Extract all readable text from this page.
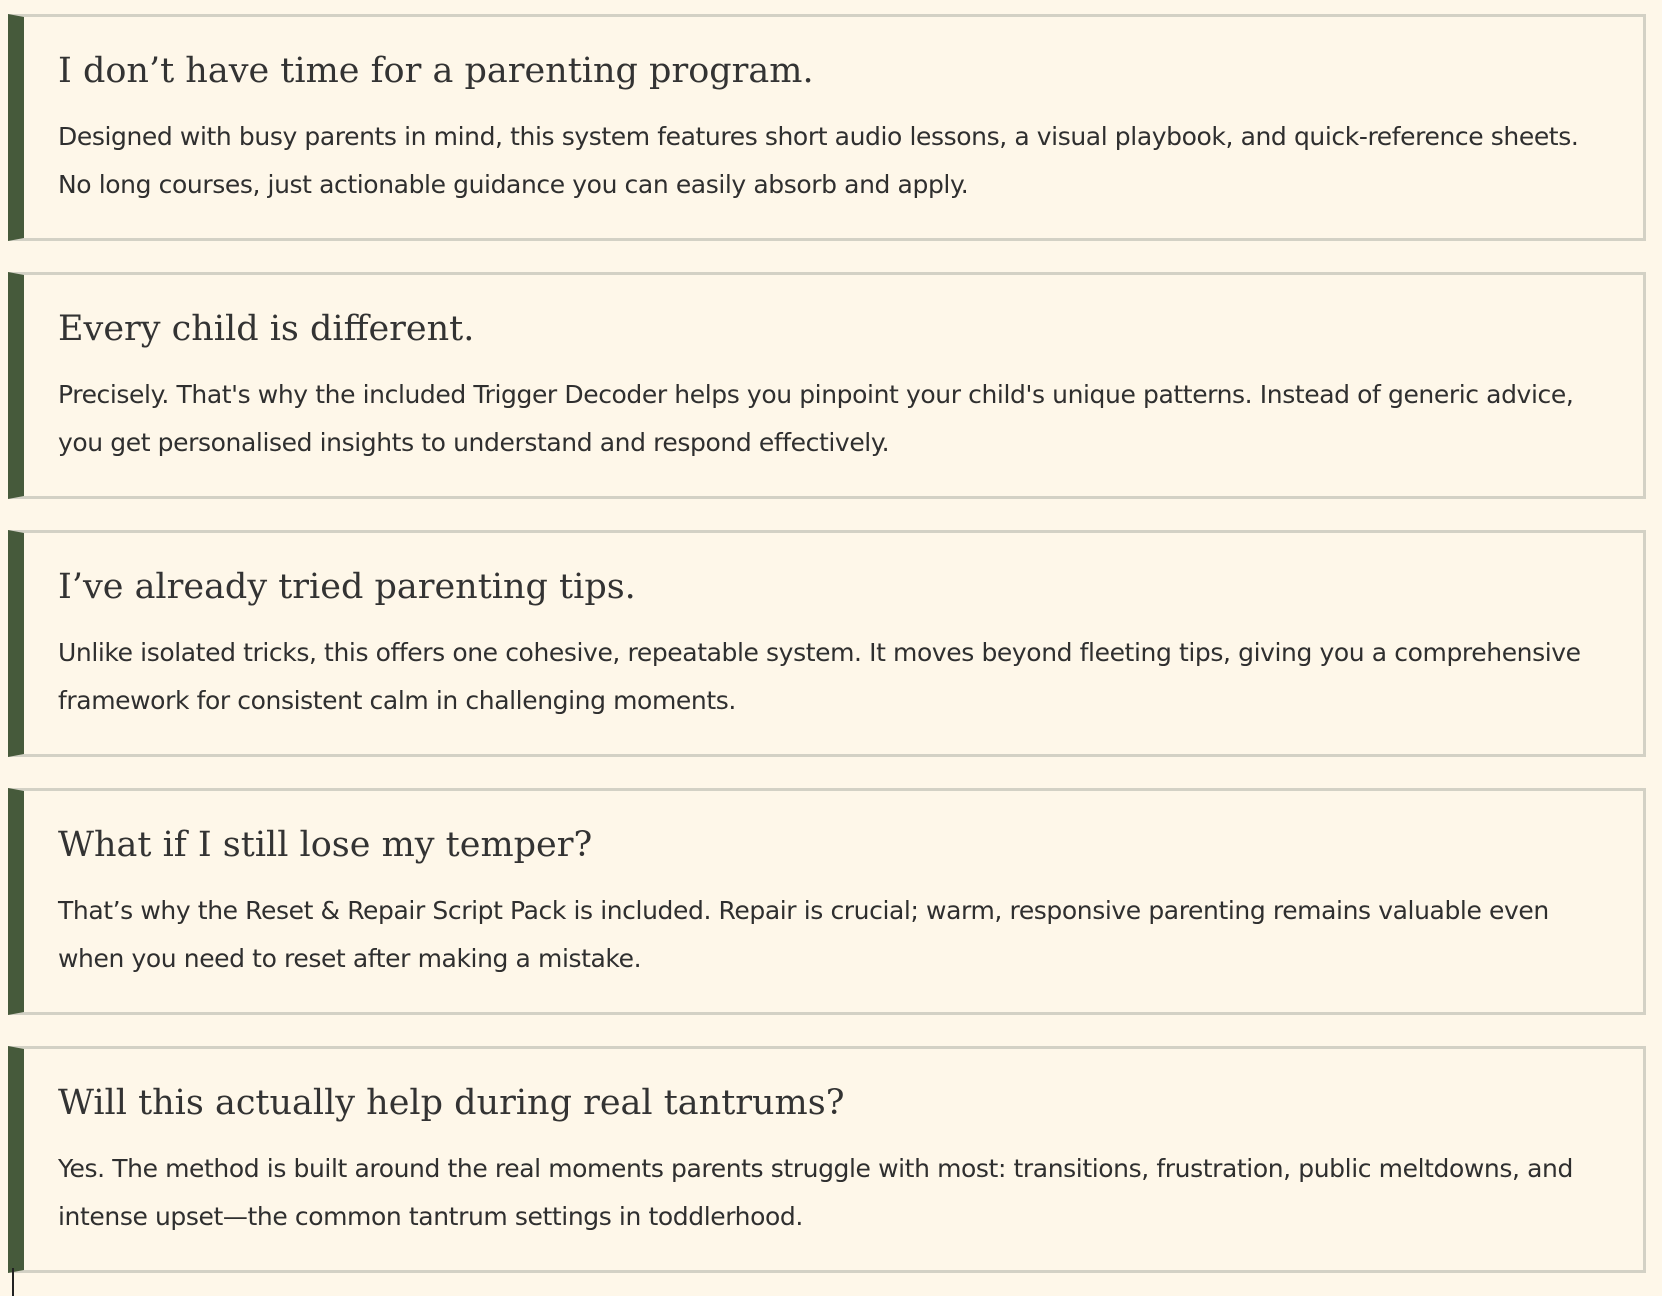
I don’t have time for a parenting program.

Designed with busy parents in mind, this system features short audio lessons, a visual playbook, and quick-reference sheets. No long courses, just actionable guidance you can easily absorb and apply.

Every child is different.

Precisely. That's why the included Trigger Decoder helps you pinpoint your child's unique patterns. Instead of generic advice, you get personalised insights to understand and respond effectively.

I’ve already tried parenting tips.

Unlike isolated tricks, this offers one cohesive, repeatable system. It moves beyond fleeting tips, giving you a comprehensive framework for consistent calm in challenging moments.

What if I still lose my temper?

That’s why the Reset & Repair Script Pack is included. Repair is crucial; warm, responsive parenting remains valuable even when you need to reset after making a mistake.

Will this actually help during real tantrums?

Yes. The method is built around the real moments parents struggle with most: transitions, frustration, public meltdowns, and intense upset—the common tantrum settings in toddlerhood.
